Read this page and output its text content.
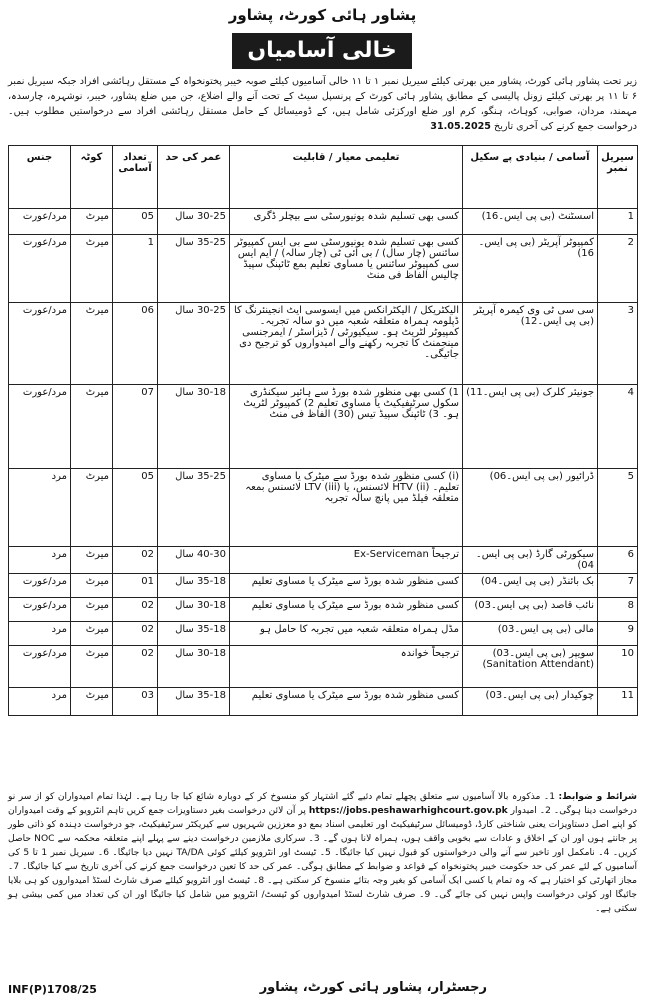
پشاور ہائی کورٹ، پشاور
خالی آسامیاں
زیر تحت پشاور ہائی کورٹ، پشاور میں بھرتی کیلئے سیریل نمبر ۱ تا ۱۱ خالی آسامیوں کیلئے صوبہ خیبر پختونخواہ کے مستقل رہائشی افراد جبکہ سیریل نمبر ۶ تا ۱۱ پر بھرتی کیلئے زونل پالیسی کے مطابق پشاور ہائی کورٹ کے پرنسپل سیٹ کے تحت آنے والے اضلاع، جن میں ضلع پشاور، خیبر، نوشہرہ، چارسدہ، مہمند، مردان، صوابی، کوہاٹ، ہنگو، کرم اور ضلع اورکزئی شامل ہیں، کے ڈومیسائل کے حامل مستقل رہائشی افراد سے درخواستیں مطلوب ہیں۔ درخواست جمع کرنے کی آخری تاریخ 31.05.2025
سیریل نمبر	آسامی / بنیادی پے سکیل	تعلیمی معیار / قابلیت	عمر کی حد	تعداد آسامی	کوٹہ	جنس
1	اسسٹنٹ (بی پی ایس۔16)	کسی بھی تسلیم شدہ یونیورسٹی سے بیچلر ڈگری	30-25 سال	05	میرٹ	مرد/عورت
2	کمپیوٹر آپریٹر (بی پی ایس۔16)	کسی بھی تسلیم شدہ یونیورسٹی سے بی ایس کمپیوٹر سائنس (چار سال) / بی آئی ٹی (چار سالہ) / ایم ایس سی کمپیوٹر سائنس یا مساوی تعلیم بمع ٹائپنگ سپیڈ چالیس الفاظ فی منٹ	35-25 سال	1	میرٹ	مرد/عورت
3	سی سی ٹی وی کیمرہ آپریٹر (بی پی ایس۔12)	الیکٹریکل / الیکٹرانکس میں ایسوسی ایٹ انجینئرنگ کا ڈپلومہ ہمراہ متعلقہ شعبہ میں دو سالہ تجربہ۔ کمپیوٹر لٹریٹ ہو۔ سیکیورٹی / ڈیزاسٹر / ایمرجنسی مینجمنٹ کا تجربہ رکھنے والے امیدواروں کو ترجیح دی جائیگی۔	30-25 سال	06	میرٹ	مرد/عورت
4	جونیئر کلرک (بی پی ایس۔11)	1) کسی بھی منظور شدہ بورڈ سے ہائیر سیکنڈری سکول سرٹیفیکیٹ یا مساوی تعلیم 2) کمپیوٹر لٹریٹ ہو۔ 3) ٹائپنگ سپیڈ تیس (30) الفاظ فی منٹ	30-18 سال	07	میرٹ	مرد/عورت
5	ڈرائیور (بی پی ایس۔06)	(i) کسی منظور شدہ بورڈ سے میٹرک یا مساوی تعلیم۔ (ii) HTV لائسنس، یا (iii) LTV لائسنس بمعہ متعلقہ فیلڈ میں پانچ سالہ تجربہ	35-25 سال	05	میرٹ	مرد
6	سیکورٹی گارڈ (بی پی ایس۔04)	ترجیحاً Ex-Serviceman	40-30 سال	02	میرٹ	مرد
7	بک بائنڈر (بی پی ایس۔04)	کسی منظور شدہ بورڈ سے میٹرک یا مساوی تعلیم	35-18 سال	01	میرٹ	مرد/عورت
8	نائب قاصد (بی پی ایس۔03)	کسی منظور شدہ بورڈ سے میٹرک یا مساوی تعلیم	30-18 سال	02	میرٹ	مرد/عورت
9	مالی (بی پی ایس۔03)	مڈل ہمراہ متعلقہ شعبہ میں تجربہ کا حامل ہو	35-18 سال	02	میرٹ	مرد
10	سویپر (بی پی ایس۔03) (Sanitation Attendant)	ترجیحاً خواندہ	30-18 سال	02	میرٹ	مرد/عورت
11	چوکیدار (بی پی ایس۔03)	کسی منظور شدہ بورڈ سے میٹرک یا مساوی تعلیم	35-18 سال	03	میرٹ	مرد
شرائط و ضوابط: 1۔ مذکورہ بالا آسامیوں سے متعلق پچھلے تمام دئیے گئے اشتہار کو منسوخ کر کے دوبارہ شائع کیا جا رہا ہے۔ لہٰذا تمام امیدواران کو از سر نو درخواست دینا ہوگی۔ 2۔ امیدوار https://jobs.peshawarhighcourt.gov.pk پر آن لائن درخواست بغیر دستاویزات جمع کریں تاہم انٹرویو کے وقت امیدواران کو اپنے اصل دستاویزات یعنی شناختی کارڈ، ڈومیسائل سرٹیفیکیٹ اور تعلیمی اسناد بمع دو معززین شہریوں سے کیریکٹر سرٹیفیکیٹ، جو درخواست دہندہ کو ذاتی طور پر جانتے ہوں اور ان کے اخلاق و عادات سے بخوبی واقف ہوں، ہمراہ لانا ہوں گے۔ 3۔ سرکاری ملازمین درخواست دینے سے پہلے اپنے متعلقہ محکمہ سے NOC حاصل کریں۔ 4۔ نامکمل اور تاخیر سے آنے والی درخواستوں کو قبول نہیں کیا جائیگا۔ 5۔ ٹیسٹ اور انٹرویو کیلئے کوئی TA/DA نہیں دیا جائیگا۔ 6۔ سیریل نمبر 1 تا 5 کی آسامیوں کے لئے عمر کی حد حکومت خیبر پختونخواہ کے قواعد و ضوابط کے مطابق ہوگی۔ عمر کی حد کا تعین درخواست جمع کرنے کی آخری تاریخ سے کیا جائیگا۔ 7۔ مجاز اتھارٹی کو اختیار ہے کہ وہ تمام یا کسی ایک آسامی کو بغیر وجہ بتائے منسوخ کر سکتی ہے۔ 8۔ ٹیسٹ اور انٹرویو کیلئے صرف شارٹ لسٹڈ امیدواروں کو ہی بلایا جائیگا اور کوئی درخواست واپس نہیں کی جائے گی۔ 9۔ صرف شارٹ لسٹڈ امیدواروں کو ٹیسٹ/ انٹرویو میں شامل کیا جائیگا اور ان کی تعداد میں کمی بیشی ہو سکتی ہے۔
INF(P)1708/25	رجسٹرار، پشاور ہائی کورٹ، پشاور
